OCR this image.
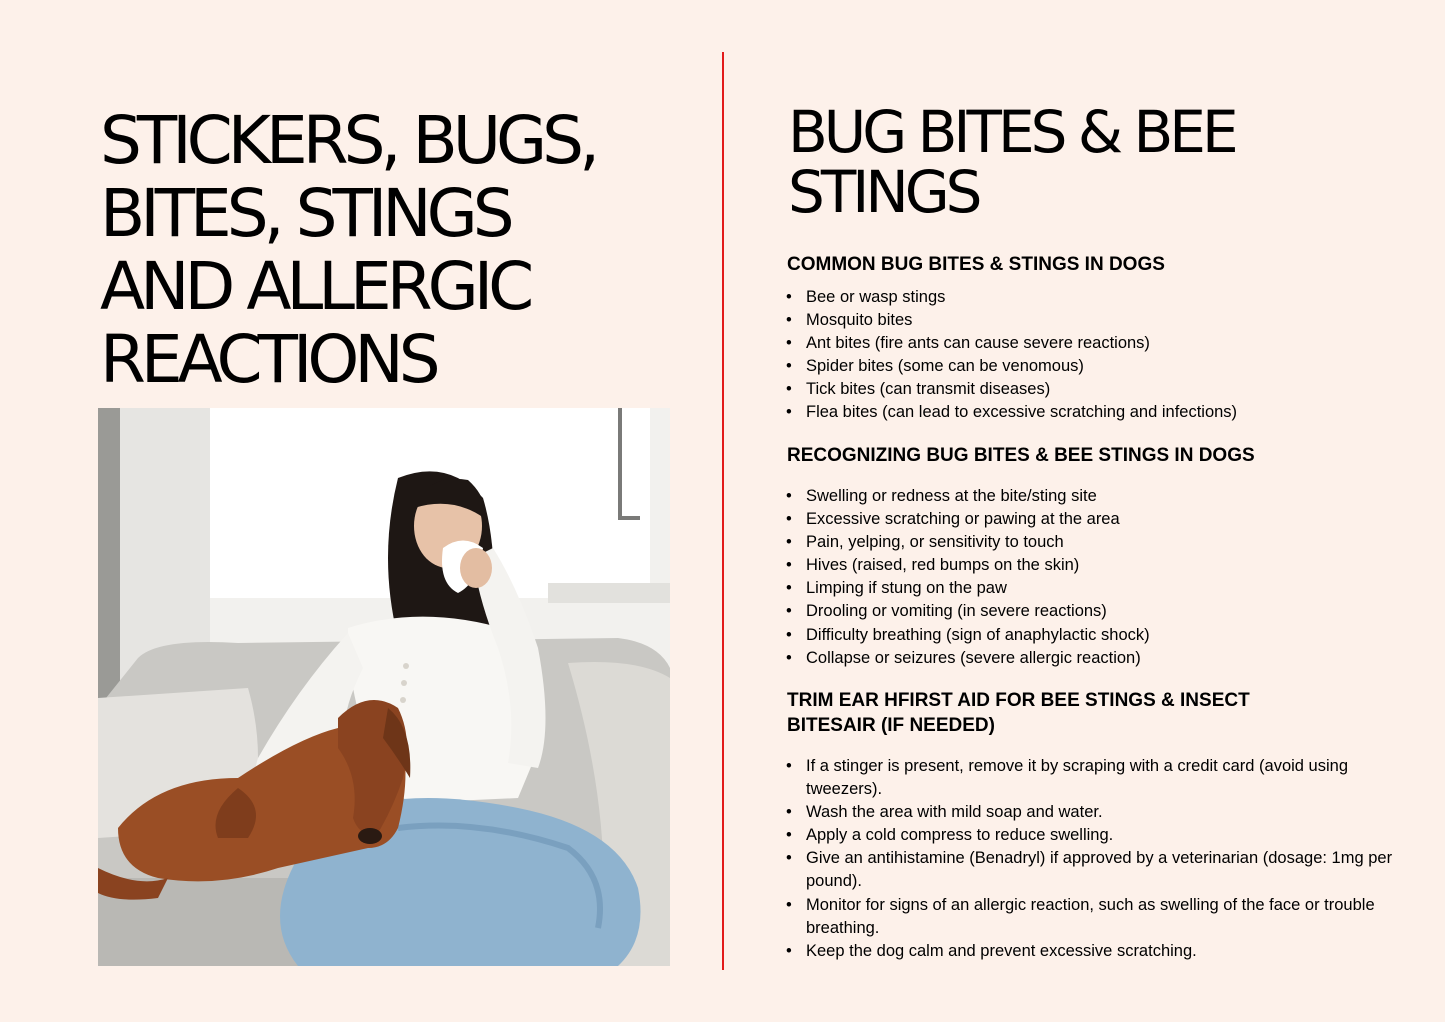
STICKERS, BUGS,
BITES, STINGS
AND ALLERGIC
REACTIONS
BUG BITES & BEE
STINGS
COMMON BUG BITES & STINGS IN DOGS
• Bee or wasp stings
• Mosquito bites
• Ant bites (fire ants can cause severe reactions)
• Spider bites (some can be venomous)
• Tick bites (can transmit diseases)
• Flea bites (can lead to excessive scratching and infections)
RECOGNIZING BUG BITES & BEE STINGS IN DOGS
• Swelling or redness at the bite/sting site
• Excessive scratching or pawing at the area
• Pain, yelping, or sensitivity to touch
• Hives (raised, red bumps on the skin)
• Limping if stung on the paw
• Drooling or vomiting (in severe reactions)
• Difficulty breathing (sign of anaphylactic shock)
• Collapse or seizures (severe allergic reaction)
TRIM EAR HFIRST AID FOR BEE STINGS & INSECT
BITESAIR (IF NEEDED)
• If a stinger is present, remove it by scraping with a credit card (avoid using tweezers).
• Wash the area with mild soap and water.
• Apply a cold compress to reduce swelling.
• Give an antihistamine (Benadryl) if approved by a veterinarian (dosage: 1mg per pound).
• Monitor for signs of an allergic reaction, such as swelling of the face or trouble breathing.
• Keep the dog calm and prevent excessive scratching.
